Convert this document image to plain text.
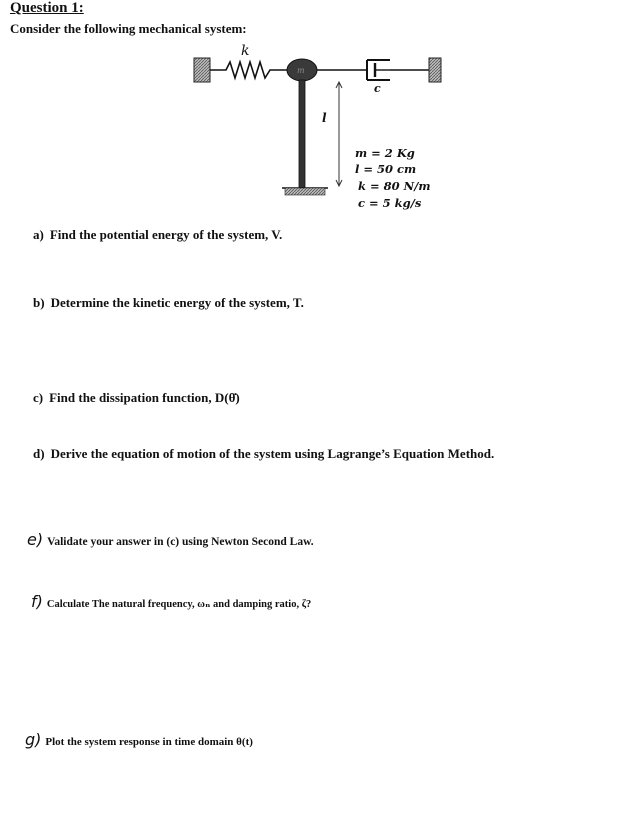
Question 1:
Consider the following mechanical system:
k
c
m
l
m = 2 Kg
l = 50 cm
k = 80 N/m
c = 5 kg/s
a) Find the potential energy of the system, V.
b) Determine the kinetic energy of the system, T.
c) Find the dissipation function, D(θ̇)
d) Derive the equation of motion of the system using Lagrange’s Equation Method.
e) Validate your answer in (c) using Newton Second Law.
f) Calculate The natural frequency, ωₙ and damping ratio, ζ?
g) Plot the system response in time domain θ(t)
